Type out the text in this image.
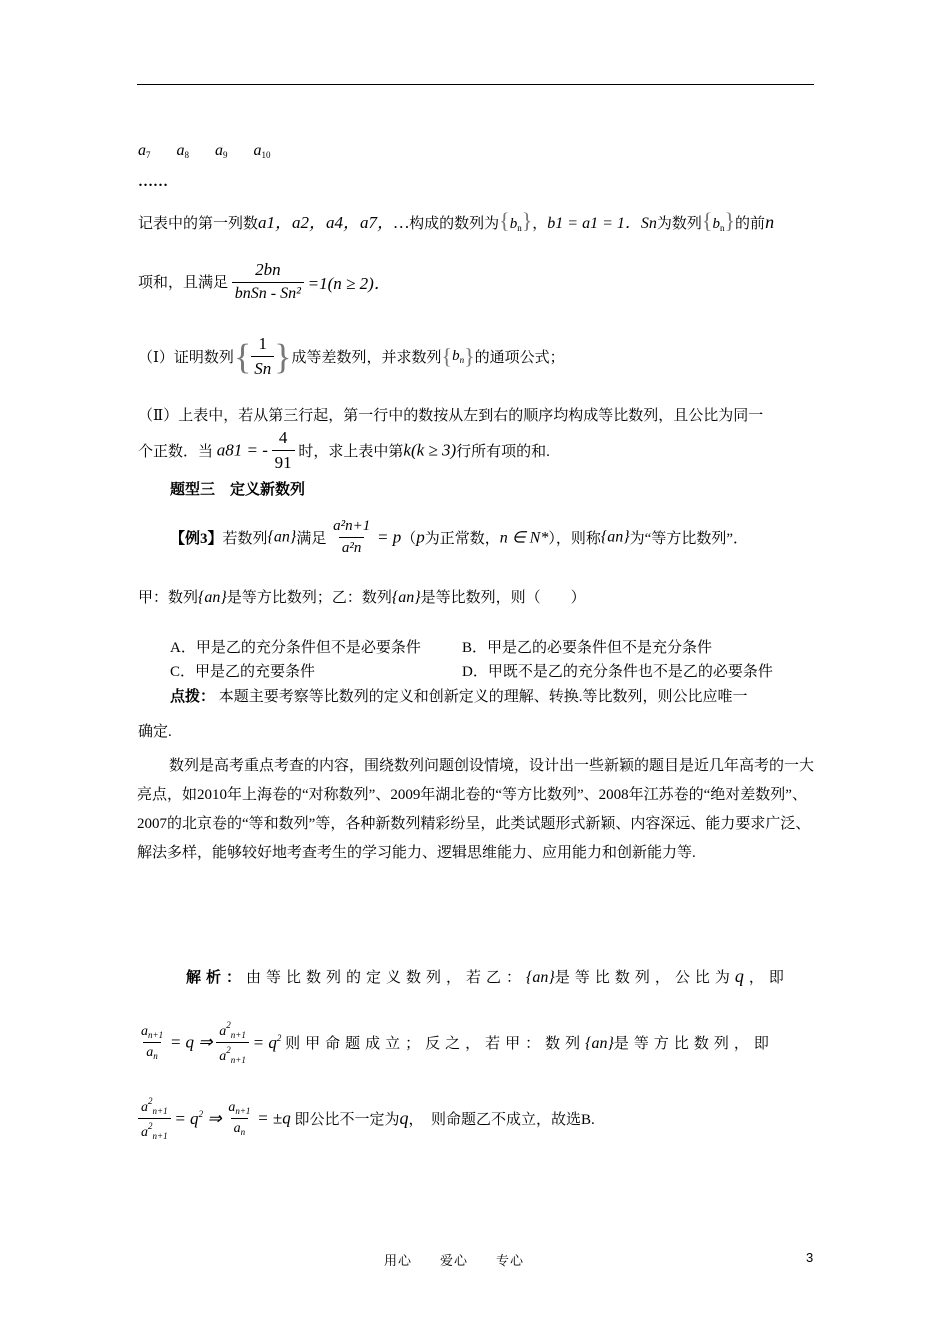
$a_7$ $a_8$ $a_9$ $a_{10}$
……
记表中的第一列数a1，a2，a4，a7，…构成的数列为$\{b_n\}$，b1 = a1 = 1．Sn为数列$\{b_n\}$的前n
项和，且满足 $\frac{2bn}{\text{bnSn - Sn²}} =1(n \ge 2)$．
（Ⅰ）证明数列{ $\frac{1}{Sn}$ }成等差数列，并求数列$\{b_n\}$的通项公式；
（Ⅱ）上表中，若从第三行起，第一行中的数按从左到右的顺序均构成等比数列，且公比为同一
个正数．当 a81 = - $\frac{4}{91}$ 时，求上表中第k(k ≥ 3)行所有项的和.
题型三　定义新数列
【例3】若数列{an}满足 $\frac{\text{a²n+1}}{\text{a²n}} = p(p$为正常数，n ∈ N*），则称{an}为“等方比数列”．
甲：数列{an}是等方比数列；乙：数列{an}是等比数列，则（　　）
A．甲是乙的充分条件但不是必要条件	B．甲是乙的必要条件但不是充分条件
C．甲是乙的充要条件	D．甲既不是乙的充分条件也不是乙的必要条件
点拨： 本题主要考察等比数列的定义和创新定义的理解、转换.等比数列，则公比应唯一
确定.
数列是高考重点考查的内容，围绕数列问题创设情境，设计出一些新颖的题目是近几年高考的一大亮点，如2010年上海卷的“对称数列”、2009年湖北卷的“等方比数列”、2008年江苏卷的“绝对差数列”、2007的北京卷的“等和数列”等，各种新数列精彩纷呈，此类试题形式新颖、内容深远、能力要求广泛、解法多样，能够较好地考查考生的学习能力、逻辑思维能力、应用能力和创新能力等.
解析：由等比数列的定义数列，若乙：{an}是等比数列，公比为q，即
$\frac{a_{n+1}}{a_n} = q$ ⇒ $\frac{a^2_{n+1}}{a^2_{n+1}} = q^2$ 则甲命题成立；反之，若甲：数列{an}是等方比数列，即
$\frac{a^2_{n+1}}{a^2_{n+1}} = q^2$ ⇒ $\frac{a_{n+1}}{a_n} = \pm q$ 即公比不一定为q，　则命题乙不成立，故选B.
用心　　爱心　　专心	3
